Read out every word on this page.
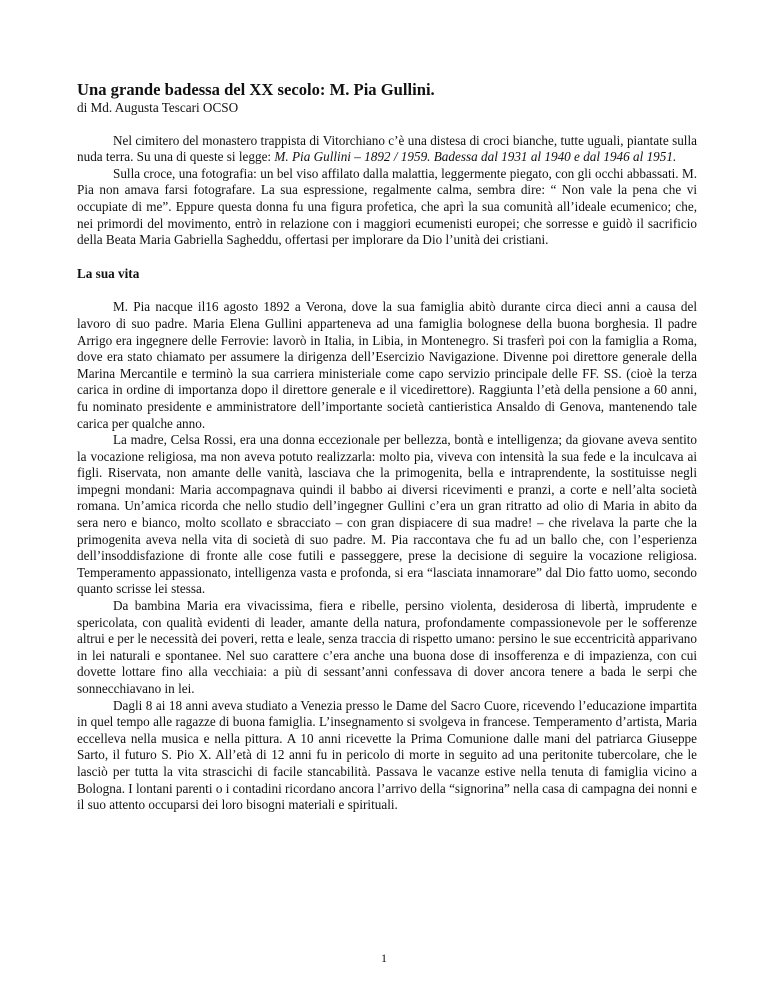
Una grande badessa del XX secolo: M. Pia Gullini.
di Md. Augusta Tescari OCSO

Nel cimitero del monastero trappista di Vitorchiano c’è una distesa di croci bianche, tutte uguali, piantate sulla nuda terra. Su una di queste si legge: M. Pia Gullini – 1892 / 1959. Badessa dal 1931 al 1940 e dal 1946 al 1951.

Sulla croce, una fotografia: un bel viso affilato dalla malattia, leggermente piegato, con gli occhi abbassati. M. Pia non amava farsi fotografare. La sua espressione, regalmente calma, sembra dire: “ Non vale la pena che vi occupiate di me”. Eppure questa donna fu una figura profetica, che aprì la sua comunità all’ideale ecumenico; che, nei primordi del movimento, entrò in relazione con i maggiori ecumenisti europei; che sorresse e guidò il sacrificio della Beata Maria Gabriella Sagheddu, offertasi per implorare da Dio l’unità dei cristiani.

La sua vita

M. Pia nacque il16 agosto 1892 a Verona, dove la sua famiglia abitò durante circa dieci anni a causa del lavoro di suo padre. Maria Elena Gullini apparteneva ad una famiglia bolognese della buona borghesia. Il padre Arrigo era ingegnere delle Ferrovie: lavorò in Italia, in Libia, in Montenegro. Si trasferì poi con la famiglia a Roma, dove era stato chiamato per assumere la dirigenza dell’Esercizio Navigazione. Divenne poi direttore generale della Marina Mercantile e terminò la sua carriera ministeriale come capo servizio principale delle FF. SS. (cioè la terza carica in ordine di importanza dopo il direttore generale e il vicedirettore). Raggiunta l’età della pensione a 60 anni, fu nominato presidente e amministratore dell’importante società cantieristica Ansaldo di Genova, mantenendo tale carica per qualche anno.

La madre, Celsa Rossi, era una donna eccezionale per bellezza, bontà e intelligenza; da giovane aveva sentito la vocazione religiosa, ma non aveva potuto realizzarla: molto pia, viveva con intensità la sua fede e la inculcava ai figli. Riservata, non amante delle vanità, lasciava che la primogenita, bella e intraprendente, la sostituisse negli impegni mondani: Maria accompagnava quindi il babbo ai diversi ricevimenti e pranzi, a corte e nell’alta società romana. Un’amica ricorda che nello studio dell’ingegner Gullini c’era un gran ritratto ad olio di Maria in abito da sera nero e bianco, molto scollato e sbracciato – con gran dispiacere di sua madre! – che rivelava la parte che la primogenita aveva nella vita di società di suo padre. M. Pia raccontava che fu ad un ballo che, con l’esperienza dell’insoddisfazione di fronte alle cose futili e passeggere, prese la decisione di seguire la vocazione religiosa. Temperamento appassionato, intelligenza vasta e profonda, si era “lasciata innamorare” dal Dio fatto uomo, secondo quanto scrisse lei stessa.

Da bambina Maria era vivacissima, fiera e ribelle, persino violenta, desiderosa di libertà, imprudente e spericolata, con qualità evidenti di leader, amante della natura, profondamente compassionevole per le sofferenze altrui e per le necessità dei poveri, retta e leale, senza traccia di rispetto umano: persino le sue eccentricità apparivano in lei naturali e spontanee. Nel suo carattere c’era anche una buona dose di insofferenza e di impazienza, con cui dovette lottare fino alla vecchiaia: a più di sessant’anni confessava di dover ancora tenere a bada le serpi che sonnecchiavano in lei.

Dagli 8 ai 18 anni aveva studiato a Venezia presso le Dame del Sacro Cuore, ricevendo l’educazione impartita in quel tempo alle ragazze di buona famiglia. L’insegnamento si svolgeva in francese. Temperamento d’artista, Maria eccelleva nella musica e nella pittura. A 10 anni ricevette la Prima Comunione dalle mani del patriarca Giuseppe Sarto, il futuro S. Pio X. All’età di 12 anni fu in pericolo di morte in seguito ad una peritonite tubercolare, che le lasciò per tutta la vita strascichi di facile stancabilità. Passava le vacanze estive nella tenuta di famiglia vicino a Bologna. I lontani parenti o i contadini ricordano ancora l’arrivo della “signorina” nella casa di campagna dei nonni e il suo attento occuparsi dei loro bisogni materiali e spirituali.

1
